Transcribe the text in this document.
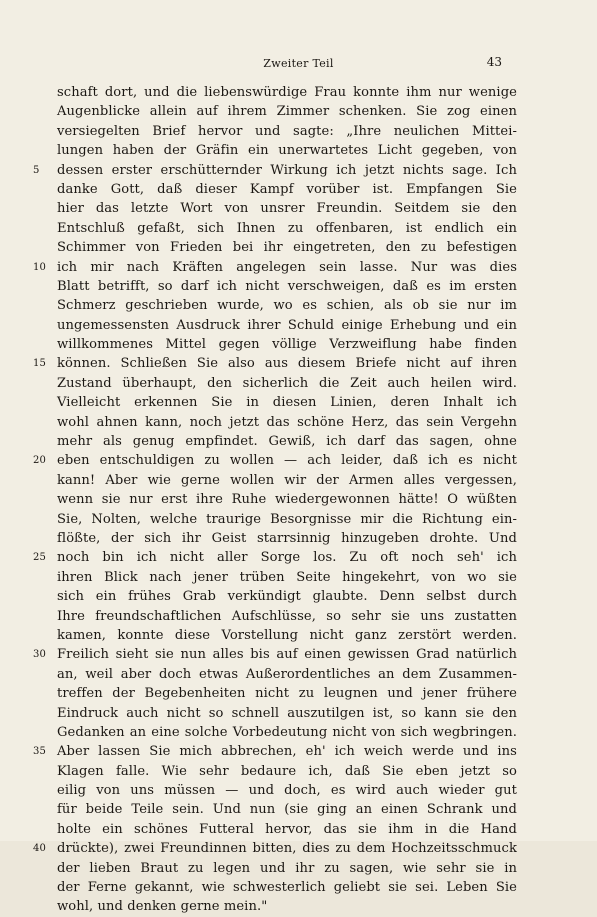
Zweiter Teil	43
schaft dort, und die liebenswürdige Frau konnte ihm nur wenige
Augenblicke allein auf ihrem Zimmer schenken. Sie zog einen
versiegelten Brief hervor und sagte: „Ihre neulichen Mittei-
lungen haben der Gräfin ein unerwartetes Licht gegeben, von
5	dessen erster erschütternder Wirkung ich jetzt nichts sage. Ich
danke Gott, daß dieser Kampf vorüber ist. Empfangen Sie
hier das letzte Wort von unsrer Freundin. Seitdem sie den
Entschluß gefaßt, sich Ihnen zu offenbaren, ist endlich ein
Schimmer von Frieden bei ihr eingetreten, den zu befestigen
10 ich mir nach Kräften angelegen sein lasse. Nur was dies
Blatt betrifft, so darf ich nicht verschweigen, daß es im ersten
Schmerz geschrieben wurde, wo es schien, als ob sie nur im
ungemessensten Ausdruck ihrer Schuld einige Erhebung und ein
willkommenes Mittel gegen völlige Verzweiflung habe finden
15 können. Schließen Sie also aus diesem Briefe nicht auf ihren
Zustand überhaupt, den sicherlich die Zeit auch heilen wird.
Vielleicht erkennen Sie in diesen Linien, deren Inhalt ich
wohl ahnen kann, noch jetzt das schöne Herz, das sein Vergehn
mehr als genug empfindet. Gewiß, ich darf das sagen, ohne
20 eben entschuldigen zu wollen — ach leider, daß ich es nicht
kann! Aber wie gerne wollen wir der Armen alles vergessen,
wenn sie nur erst ihre Ruhe wiedergewonnen hätte! O wüßten
Sie, Nolten, welche traurige Besorgnisse mir die Richtung ein-
flößte, der sich ihr Geist starrsinnig hinzugeben drohte. Und
25 noch bin ich nicht aller Sorge los. Zu oft noch seh' ich
ihren Blick nach jener trüben Seite hingekehrt, von wo sie
sich ein frühes Grab verkündigt glaubte. Denn selbst durch
Ihre freundschaftlichen Aufschlüsse, so sehr sie uns zustatten
kamen, konnte diese Vorstellung nicht ganz zerstört werden.
30 Freilich sieht sie nun alles bis auf einen gewissen Grad natürlich
an, weil aber doch etwas Außerordentliches an dem Zusammen-
treffen der Begebenheiten nicht zu leugnen und jener frühere
Eindruck auch nicht so schnell auszutilgen ist, so kann sie den
Gedanken an eine solche Vorbedeutung nicht von sich wegbringen.
35 Aber lassen Sie mich abbrechen, eh' ich weich werde und ins
Klagen falle. Wie sehr bedaure ich, daß Sie eben jetzt so
eilig von uns müssen — und doch, es wird auch wieder gut
für beide Teile sein. Und nun (sie ging an einen Schrank und
holte ein schönes Futteral hervor, das sie ihm in die Hand
40 drückte), zwei Freundinnen bitten, dies zu dem Hochzeitsschmuck
der lieben Braut zu legen und ihr zu sagen, wie sehr sie in
der Ferne gekannt, wie schwesterlich geliebt sie sei. Leben Sie
wohl, und denken gerne mein."
